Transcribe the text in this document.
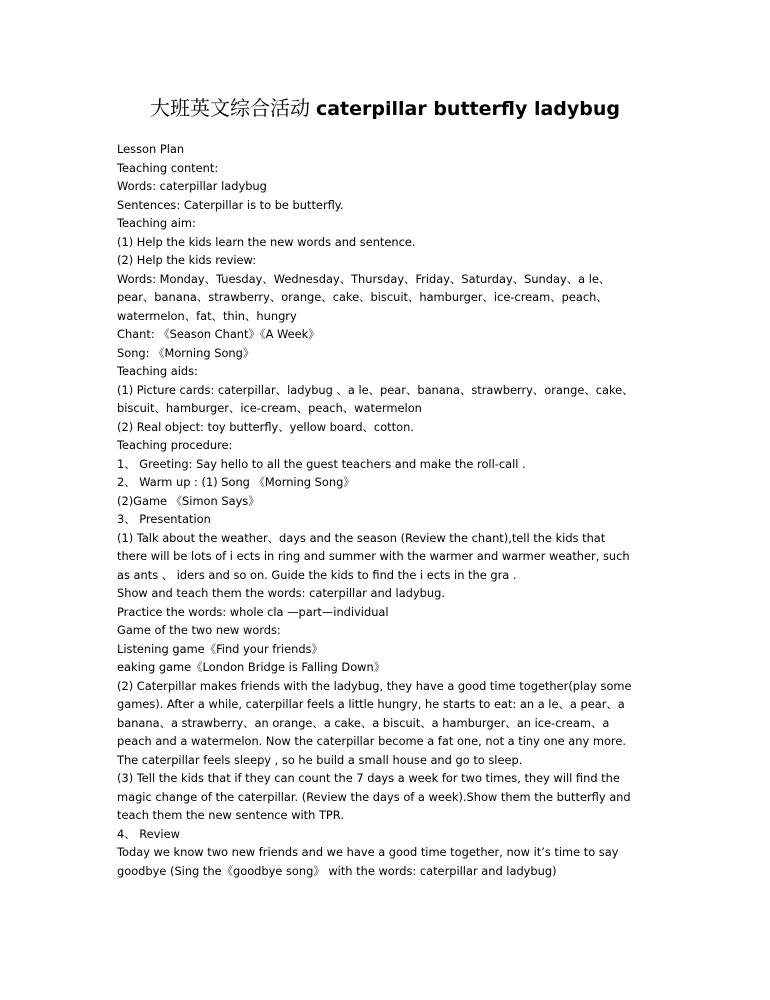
大班英文综合活动 caterpillar butterfly ladybug
Lesson Plan
Teaching content:
Words: caterpillar ladybug
Sentences: Caterpillar is to be butterfly.
Teaching aim:
(1) Help the kids learn the new words and sentence.
(2) Help the kids review:
Words: Monday、Tuesday、Wednesday、Thursday、Friday、Saturday、Sunday、a le、
pear、banana、strawberry、orange、cake、biscuit、hamburger、ice-cream、peach、
watermelon、fat、thin、hungry
Chant: 《Season Chant》《A Week》
Song: 《Morning Song》
Teaching aids:
(1) Picture cards: caterpillar、ladybug 、a le、pear、banana、strawberry、orange、cake、
biscuit、hamburger、ice-cream、peach、watermelon
(2) Real object: toy butterfly、yellow board、cotton.
Teaching procedure:
1、 Greeting: Say hello to all the guest teachers and make the roll-call .
2、 Warm up : (1) Song 《Morning Song》
(2)Game 《Simon Says》
3、 Presentation
(1) Talk about the weather、days and the season (Review the chant),tell the kids that
there will be lots of i ects in ring and summer with the warmer and warmer weather, such
as ants 、 iders and so on. Guide the kids to find the i ects in the gra .
Show and teach them the words: caterpillar and ladybug.
Practice the words: whole cla —part—individual
Game of the two new words:
Listening game《Find your friends》
eaking game《London Bridge is Falling Down》
(2) Caterpillar makes friends with the ladybug, they have a good time together(play some
games). After a while, caterpillar feels a little hungry, he starts to eat: an a le、a pear、a
banana、a strawberry、an orange、a cake、a biscuit、a hamburger、an ice-cream、a
peach and a watermelon. Now the caterpillar become a fat one, not a tiny one any more.
The caterpillar feels sleepy , so he build a small house and go to sleep.
(3) Tell the kids that if they can count the 7 days a week for two times, they will find the
magic change of the caterpillar. (Review the days of a week).Show them the butterfly and
teach them the new sentence with TPR.
4、 Review
Today we know two new friends and we have a good time together, now it’s time to say
goodbye (Sing the《goodbye song》 with the words: caterpillar and ladybug)
